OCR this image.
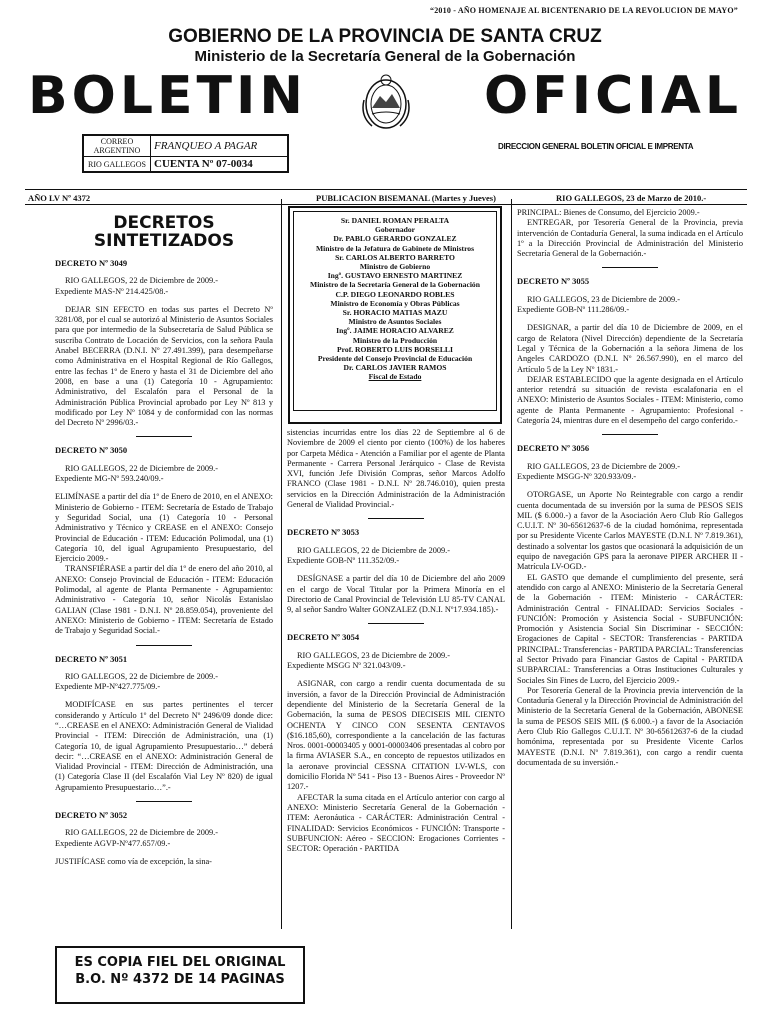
“2010 - AÑO HOMENAJE AL BICENTENARIO DE LA REVOLUCION DE MAYO”
GOBIERNO DE LA PROVINCIA DE SANTA CRUZ
Ministerio de la Secretaría General de la Gobernación
BOLETIN	OFICIAL
CORREO ARGENTINO	FRANQUEO A PAGAR
RIO GALLEGOS	CUENTA Nº 07-0034
DIRECCION GENERAL BOLETIN OFICIAL E IMPRENTA
AÑO LV Nº 4372	PUBLICACION BISEMANAL (Martes y Jueves)	RIO GALLEGOS, 23 de Marzo de 2010.-
DECRETOS SINTETIZADOS

DECRETO Nº 3049

RIO GALLEGOS, 22 de Diciembre de 2009.-

Expediente MAS-Nº 214.425/08.-

DEJAR SIN EFECTO en todas sus partes el Decreto Nº 3281/08, por el cual se autorizó al Ministerio de Asuntos Sociales para que por intermedio de la Subsecretaría de Salud Pública se suscriba Contrato de Locación de Servicios, con la señora Paula Anabel BECERRA (D.N.I. Nº 27.491.399), para desempeñarse como Administrativa en el Hospital Regional de Río Gallegos, entre las fechas 1º de Enero y hasta el 31 de Diciembre del año 2008, en base a una (1) Categoría 10 - Agrupamiento: Administrativo, del Escalafón para el Personal de la Administración Pública Provincial aprobado por Ley Nº 813 y modificado por Ley Nº 1084 y de conformidad con las normas del Decreto Nº 2996/03.-

DECRETO Nº 3050

RIO GALLEGOS, 22 de Diciembre de 2009.-

Expediente MG-Nº 593.240/09.-

ELIMÍNASE a partir del día 1º de Enero de 2010, en el ANEXO: Ministerio de Gobierno - ITEM: Secretaría de Estado de Trabajo y Seguridad Social, una (1) Categoría 10 - Personal Administrativo y Técnico y CREASE en el ANEXO: Consejo Provincial de Educación - ITEM: Educación Polimodal, una (1) Categoría 10, del igual Agrupamiento Presupuestario, del Ejercicio 2009.-

TRANSFIÉRASE a partir del día 1º de enero del año 2010, al ANEXO: Consejo Provincial de Educación - ITEM: Educación Polimodal, al agente de Planta Permanente - Agrupamiento: Administrativo - Categoría 10, señor Nicolás Estanislao GALIAN (Clase 1981 - D.N.I. Nº 28.859.054), proveniente del ANEXO: Ministerio de Gobierno - ITEM: Secretaría de Estado de Trabajo y Seguridad Social.-

DECRETO Nº 3051

RIO GALLEGOS, 22 de Diciembre de 2009.-

Expediente MP-Nº427.775/09.-

MODIFÍCASE en sus partes pertinentes el tercer considerando y Artículo 1º del Decreto Nº 2496/09 donde dice: “…CREASE en el ANEXO: Administración General de Vialidad Provincial - ITEM: Dirección de Administración, una (1) Categoría 10, de igual Agrupamiento Presupuestario…” deberá decir: “…CREASE en el ANEXO: Administración General de Vialidad Provincial - ITEM: Dirección de Administración, una (1) Categoría Clase II (del Escalafón Vial Ley Nº 820) de igual Agrupamiento Presupuestario…”.-

DECRETO Nº 3052

RIO GALLEGOS, 22 de Diciembre de 2009.-

Expediente AGVP-Nº477.657/09.-

JUSTIFÍCASE como vía de excepción, la sina-

ES COPIA FIEL DEL ORIGINAL
B.O. Nº 4372 DE 14 PAGINAS
Sr. DANIEL ROMAN PERALTA
Gobernador
Dr. PABLO GERARDO GONZALEZ
Ministro de la Jefatura de Gabinete de Ministros
Sr. CARLOS ALBERTO BARRETO
Ministro de Gobierno
Ingº. GUSTAVO ERNESTO MARTINEZ
Ministro de la Secretaría General de la Gobernación
C.P. DIEGO LEONARDO ROBLES
Ministro de Economía y Obras Públicas
Sr. HORACIO MATIAS MAZU
Ministro de Asuntos Sociales
Ingº. JAIME HORACIO ALVAREZ
Ministro de la Producción
Prof. ROBERTO LUIS BORSELLI
Presidente del Consejo Provincial de Educación
Dr. CARLOS JAVIER RAMOS
Fiscal de Estado

sistencias incurridas entre los días 22 de Septiembre al 6 de Noviembre de 2009 el ciento por ciento (100%) de los haberes por Carpeta Médica - Atención a Familiar por el agente de Planta Permanente - Carrera Personal Jerárquico - Clase de Revista XVI, función Jefe División Compras, señor Marcos Adolfo FRANCO (Clase 1981 - D.N.I. Nº 28.746.010), quien presta servicios en la Dirección Administración de la Administración General de Vialidad Provincial.-

DECRETO Nº 3053

RIO GALLEGOS, 22 de Diciembre de 2009.-

Expediente GOB-Nº 111.352/09.-

DESÍGNASE a partir del día 10 de Diciembre del año 2009 en el cargo de Vocal Titular por la Primera Minoría en el Directorio de Canal Provincial de Televisión LU 85-TV CANAL 9, al señor Sandro Walter GONZALEZ (D.N.I. Nº17.934.185).-

DECRETO Nº 3054

RIO GALLEGOS, 23 de Diciembre de 2009.-

Expediente MSGG Nº 321.043/09.-

ASIGNAR, con cargo a rendir cuenta documentada de su inversión, a favor de la Dirección Provincial de Administración dependiente del Ministerio de la Secretaría General de la Gobernación, la suma de PESOS DIECISEIS MIL CIENTO OCHENTA Y CINCO CON SESENTA CENTAVOS ($16.185,60), correspondiente a la cancelación de las facturas Nros. 0001-00003405 y 0001-00003406 presentadas al cobro por la firma AVIASER S.A., en concepto de repuestos utilizados en la aeronave provincial CESSNA CITATION LV-WLS, con domicilio Florida Nº 541 - Piso 13 - Buenos Aires - Proveedor Nº 1207.-

AFECTAR la suma citada en el Artículo anterior con cargo al ANEXO: Ministerio Secretaría General de la Gobernación - ITEM: Aeronáutica - CARÁCTER: Administración Central - FINALIDAD: Servicios Económicos - FUNCIÓN: Transporte - SUBFUNCION: Aéreo - SECCION: Erogaciones Corrientes - SECTOR: Operación - PARTIDA

PRINCIPAL: Bienes de Consumo, del Ejercicio 2009.-

ENTREGAR, por Tesorería General de la Provincia, previa intervención de Contaduría General, la suma indicada en el Artículo 1º a la Dirección Provincial de Administración del Ministerio Secretaría General de la Gobernación.-

DECRETO Nº 3055

RIO GALLEGOS, 23 de Diciembre de 2009.-

Expediente GOB-Nº 111.286/09.-

DESIGNAR, a partir del día 10 de Diciembre de 2009, en el cargo de Relatora (Nivel Dirección) dependiente de la Secretaría Legal y Técnica de la Gobernación a la señora Jimena de los Angeles CARDOZO (D.N.I. Nº 26.567.990), en el marco del Artículo 5 de la Ley Nº 1831.-

DEJAR ESTABLECIDO que la agente designada en el Artículo anterior retendrá su situación de revista escalafonaria en el ANEXO: Ministerio de Asuntos Sociales - ITEM: Ministerio, como agente de Planta Permanente - Agrupamiento: Profesional - Categoría 24, mientras dure en el desempeño del cargo conferido.-

DECRETO Nº 3056

RIO GALLEGOS, 23 de Diciembre de 2009.-

Expediente MSGG-Nº 320.933/09.-

OTORGASE, un Aporte No Reintegrable con cargo a rendir cuenta documentada de su inversión por la suma de PESOS SEIS MIL ($ 6.000.-) a favor de la Asociación Aero Club Río Gallegos C.U.I.T. Nº 30-65612637-6 de la ciudad homónima, representada por su Presidente Vicente Carlos MAYESTE (D.N.I. Nº 7.819.361), destinado a solventar los gastos que ocasionará la adquisición de un equipo de navegación GPS para la aeronave PIPER ARCHER II - Matrícula LV-OGD.-

EL GASTO que demande el cumplimiento del presente, será atendido con cargo al ANEXO: Ministerio de la Secretaría General de la Gobernación - ITEM: Ministerio - CARÁCTER: Administración Central - FINALIDAD: Servicios Sociales - FUNCIÓN: Promoción y Asistencia Social - SUBFUNCIÓN: Promoción y Asistencia Social Sin Discriminar - SECCIÓN: Erogaciones de Capital - SECTOR: Transferencias - PARTIDA PRINCIPAL: Transferencias - PARTIDA PARCIAL: Transferencias al Sector Privado para Financiar Gastos de Capital - PARTIDA SUBPARCIAL: Transferencias a Otras Instituciones Culturales y Sociales Sin Fines de Lucro, del Ejercicio 2009.-

Por Tesorería General de la Provincia previa intervención de la Contaduría General y la Dirección Provincial de Administración del Ministerio de la Secretaría General de la Gobernación, ABONESE la suma de PESOS SEIS MIL ($ 6.000.-) a favor de la Asociación Aero Club Río Gallegos C.U.I.T. Nº 30-65612637-6 de la ciudad homónima, representada por su Presidente Vicente Carlos MAYESTE (D.N.I. Nº 7.819.361), con cargo a rendir cuenta documentada de su inversión.-
